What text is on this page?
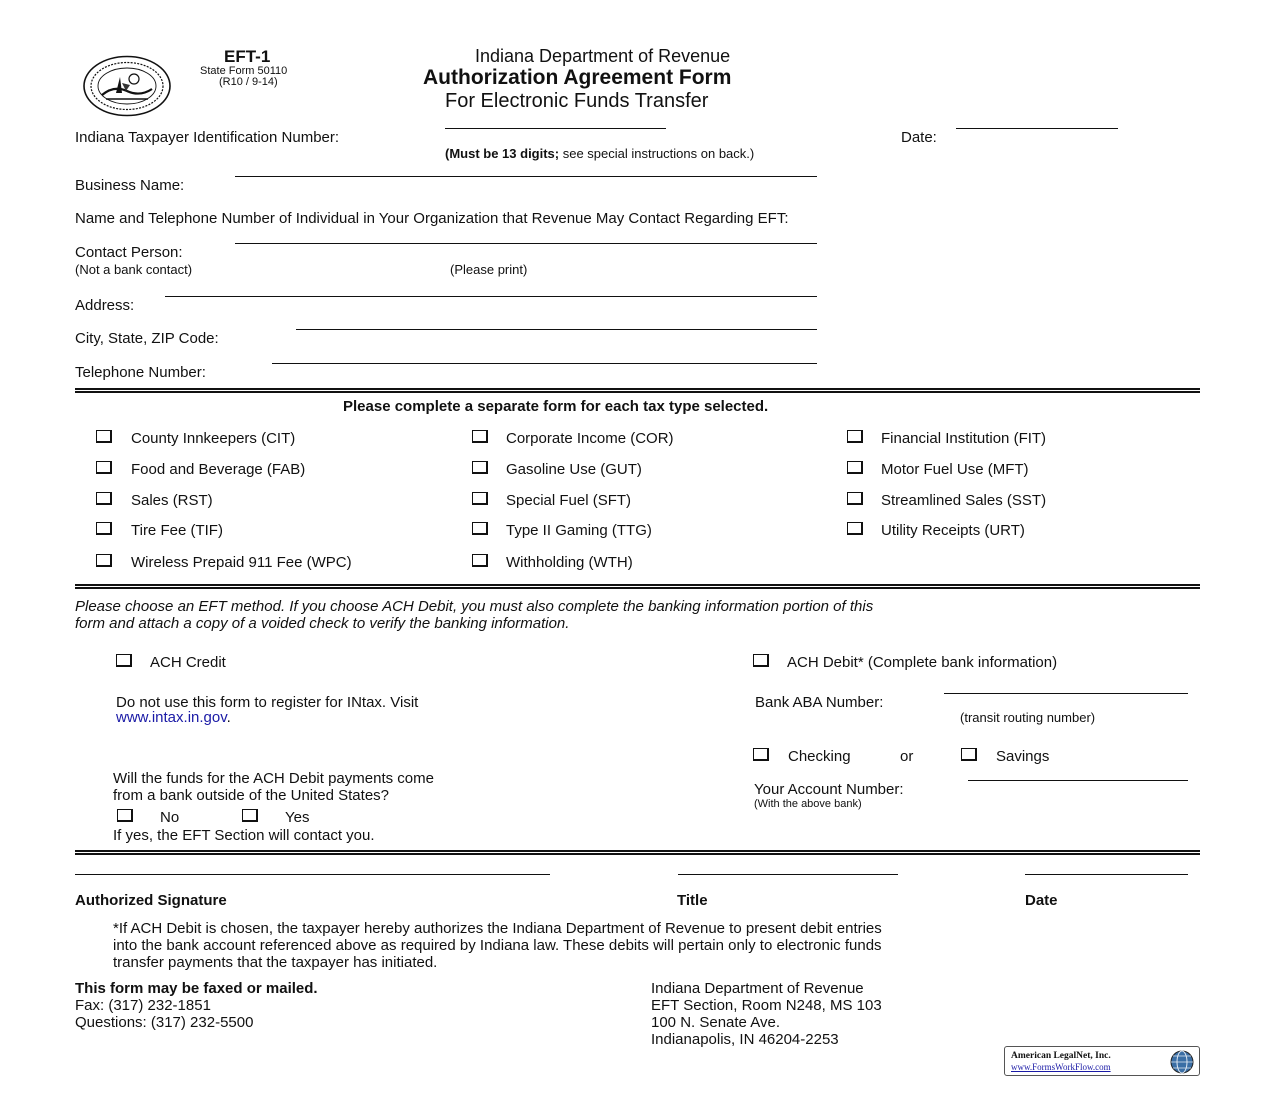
EFT-1
State Form 50110
(R10 / 9-14)
Indiana Department of Revenue
Authorization Agreement Form
For Electronic Funds Transfer
Indiana Taxpayer Identification Number:
(Must be 13 digits; see special instructions on back.)
Date:
Business Name:
Name and Telephone Number of Individual in Your Organization that Revenue May Contact Regarding EFT:
Contact Person:
(Not a bank contact)	(Please print)
Address:
City, State, ZIP Code:
Telephone Number:
Please complete a separate form for each tax type selected.
County Innkeepers (CIT)
Food and Beverage (FAB)
Sales (RST)
Tire Fee (TIF)
Wireless Prepaid 911 Fee (WPC)
Corporate Income (COR)
Gasoline Use (GUT)
Special Fuel (SFT)
Type II Gaming (TTG)
Withholding (WTH)
Financial Institution (FIT)
Motor Fuel Use (MFT)
Streamlined Sales (SST)
Utility Receipts (URT)
Please choose an EFT method. If you choose ACH Debit, you must also complete the banking information portion of this
form and attach a copy of a voided check to verify the banking information.
ACH Credit
Do not use this form to register for INtax. Visit
www.intax.in.gov.
Will the funds for the ACH Debit payments come
from a bank outside of the United States?
No	Yes
If yes, the EFT Section will contact you.
ACH Debit* (Complete bank information)
Bank ABA Number:
(transit routing number)
Checking	or	Savings
Your Account Number:
(With the above bank)
Authorized Signature	Title	Date
*If ACH Debit is chosen, the taxpayer hereby authorizes the Indiana Department of Revenue to present debit entries
into the bank account referenced above as required by Indiana law. These debits will pertain only to electronic funds
transfer payments that the taxpayer has initiated.
This form may be faxed or mailed.
Fax: (317) 232-1851
Questions: (317) 232-5500
Indiana Department of Revenue
EFT Section, Room N248, MS 103
100 N. Senate Ave.
Indianapolis, IN 46204-2253
American LegalNet, Inc.
www.FormsWorkFlow.com
